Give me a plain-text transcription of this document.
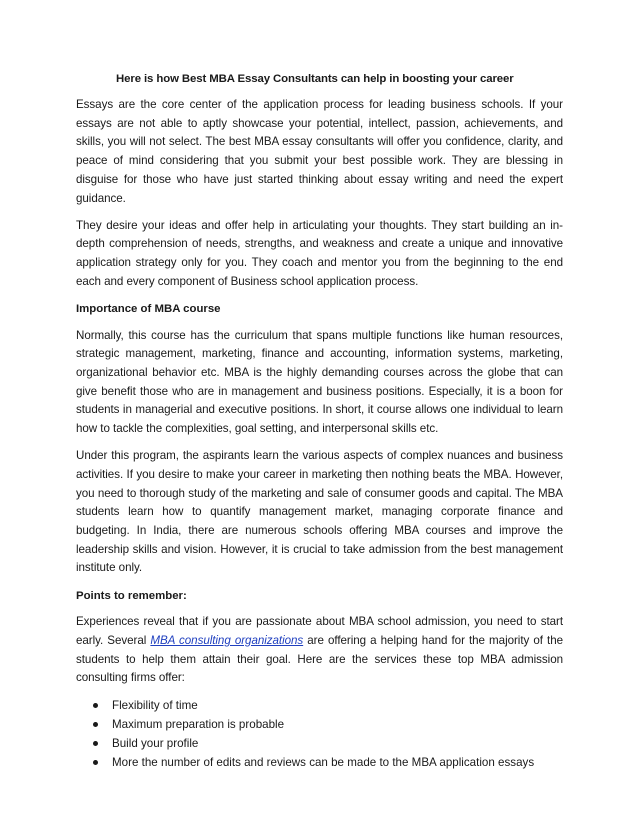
Here is how Best MBA Essay Consultants can help in boosting your career

Essays are the core center of the application process for leading business schools. If your essays are not able to aptly showcase your potential, intellect, passion, achievements, and skills, you will not select. The best MBA essay consultants will offer you confidence, clarity, and peace of mind considering that you submit your best possible work. They are blessing in disguise for those who have just started thinking about essay writing and need the expert guidance.

They desire your ideas and offer help in articulating your thoughts. They start building an in-depth comprehension of needs, strengths, and weakness and create a unique and innovative application strategy only for you. They coach and mentor you from the beginning to the end each and every component of Business school application process.

Importance of MBA course

Normally, this course has the curriculum that spans multiple functions like human resources, strategic management, marketing, finance and accounting, information systems, marketing, organizational behavior etc. MBA is the highly demanding courses across the globe that can give benefit those who are in management and business positions. Especially, it is a boon for students in managerial and executive positions. In short, it course allows one individual to learn how to tackle the complexities, goal setting, and interpersonal skills etc.

Under this program, the aspirants learn the various aspects of complex nuances and business activities. If you desire to make your career in marketing then nothing beats the MBA. However, you need to thorough study of the marketing and sale of consumer goods and capital. The MBA students learn how to quantify management market, managing corporate finance and budgeting. In India, there are numerous schools offering MBA courses and improve the leadership skills and vision. However, it is crucial to take admission from the best management institute only.

Points to remember:

Experiences reveal that if you are passionate about MBA school admission, you need to start early. Several MBA consulting organizations are offering a helping hand for the majority of the students to help them attain their goal. Here are the services these top MBA admission consulting firms offer:

Flexibility of time
Maximum preparation is probable
Build your profile
More the number of edits and reviews can be made to the MBA application essays
